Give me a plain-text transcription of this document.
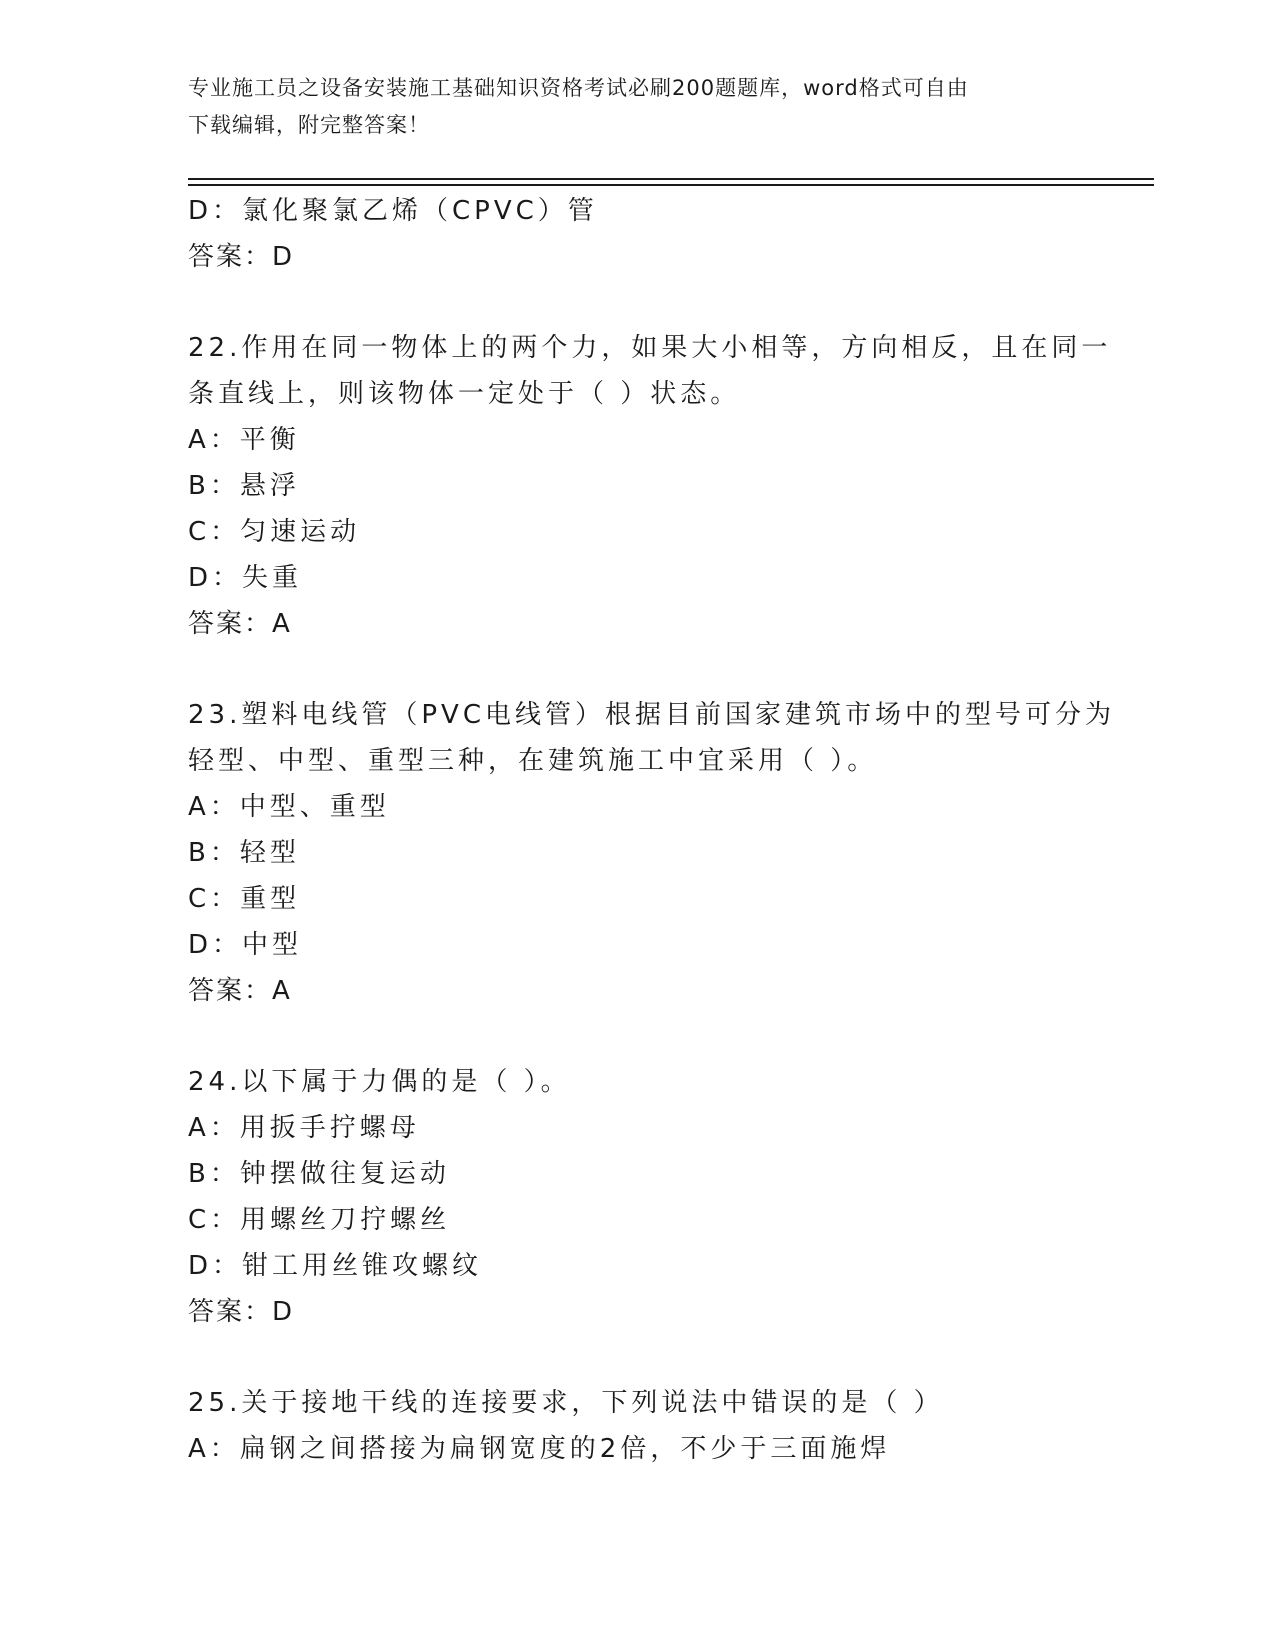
专业施工员之设备安装施工基础知识资格考试必刷200题题库，word格式可自由
下载编辑，附完整答案！
D：氯化聚氯乙烯（CPVC）管
答案：D
22.作用在同一物体上的两个力，如果大小相等，方向相反，且在同一
条直线上，则该物体一定处于（ ）状态。
A：平衡
B：悬浮
C：匀速运动
D：失重
答案：A
23.塑料电线管（PVC电线管）根据目前国家建筑市场中的型号可分为
轻型、中型、重型三种，在建筑施工中宜采用（ ）。
A：中型、重型
B：轻型
C：重型
D：中型
答案：A
24.以下属于力偶的是（ ）。
A：用扳手拧螺母
B：钟摆做往复运动
C：用螺丝刀拧螺丝
D：钳工用丝锥攻螺纹
答案：D
25.关于接地干线的连接要求，下列说法中错误的是（ ）
A：扁钢之间搭接为扁钢宽度的2倍，不少于三面施焊
